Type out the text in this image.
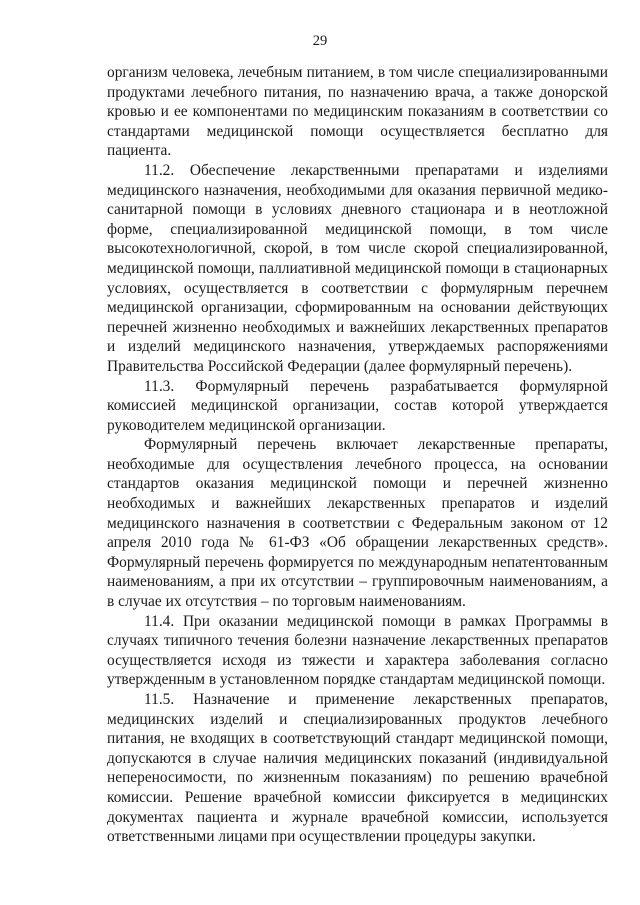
29

организм человека, лечебным питанием, в том числе специализированными продуктами лечебного питания, по назначению врача, а также донорской кровью и ее компонентами по медицинским показаниям в соответствии со стандартами медицинской помощи осуществляется бесплатно для пациента.

11.2. Обеспечение лекарственными препаратами и изделиями медицинского назначения, необходимыми для оказания первичной медико-санитарной помощи в условиях дневного стационара и в неотложной форме, специализированной медицинской помощи, в том числе высокотехнологичной, скорой, в том числе скорой специализированной, медицинской помощи, паллиативной медицинской помощи в стационарных условиях, осуществляется в соответствии с формулярным перечнем медицинской организации, сформированным на основании действующих перечней жизненно необходимых и важнейших лекарственных препаратов и изделий медицинского назначения, утверждаемых распоряжениями Правительства Российской Федерации (далее формулярный перечень).

11.3. Формулярный перечень разрабатывается формулярной комиссией медицинской организации, состав которой утверждается руководителем медицинской организации.

Формулярный перечень включает лекарственные препараты, необходимые для осуществления лечебного процесса, на основании стандартов оказания медицинской помощи и перечней жизненно необходимых и важнейших лекарственных препаратов и изделий медицинского назначения в соответствии с Федеральным законом от 12 апреля 2010 года № 61-ФЗ «Об обращении лекарственных средств». Формулярный перечень формируется по международным непатентованным наименованиям, а при их отсутствии – группировочным наименованиям, а в случае их отсутствия – по торговым наименованиям.

11.4. При оказании медицинской помощи в рамках Программы в случаях типичного течения болезни назначение лекарственных препаратов осуществляется исходя из тяжести и характера заболевания согласно утвержденным в установленном порядке стандартам медицинской помощи.

11.5. Назначение и применение лекарственных препаратов, медицинских изделий и специализированных продуктов лечебного питания, не входящих в соответствующий стандарт медицинской помощи, допускаются в случае наличия медицинских показаний (индивидуальной непереносимости, по жизненным показаниям) по решению врачебной комиссии. Решение врачебной комиссии фиксируется в медицинских документах пациента и журнале врачебной комиссии, используется ответственными лицами при осуществлении процедуры закупки.
